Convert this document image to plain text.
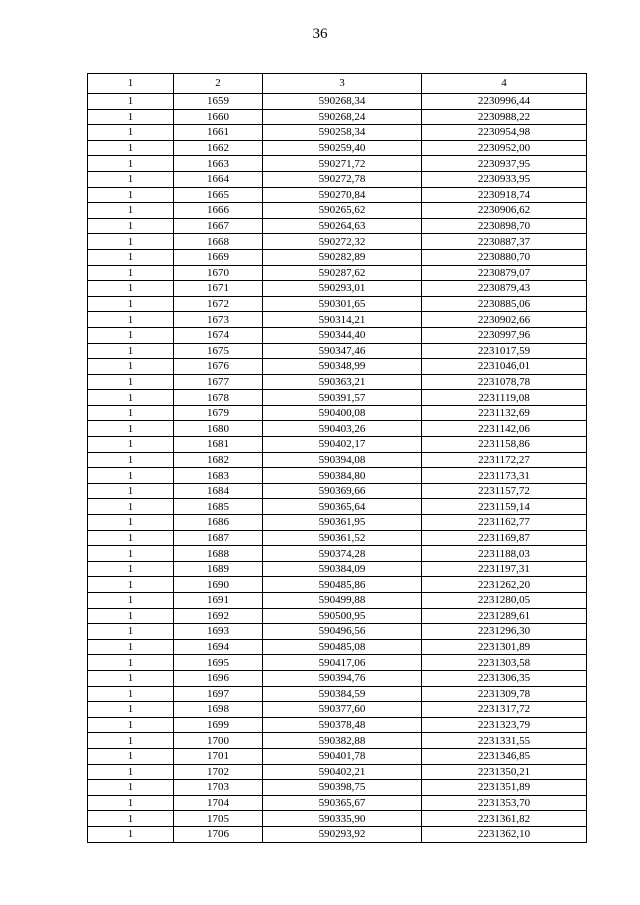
36
1	2	3	4
1	1659	590268,34	2230996,44
1	1660	590268,24	2230988,22
1	1661	590258,34	2230954,98
1	1662	590259,40	2230952,00
1	1663	590271,72	2230937,95
1	1664	590272,78	2230933,95
1	1665	590270,84	2230918,74
1	1666	590265,62	2230906,62
1	1667	590264,63	2230898,70
1	1668	590272,32	2230887,37
1	1669	590282,89	2230880,70
1	1670	590287,62	2230879,07
1	1671	590293,01	2230879,43
1	1672	590301,65	2230885,06
1	1673	590314,21	2230902,66
1	1674	590344,40	2230997,96
1	1675	590347,46	2231017,59
1	1676	590348,99	2231046,01
1	1677	590363,21	2231078,78
1	1678	590391,57	2231119,08
1	1679	590400,08	2231132,69
1	1680	590403,26	2231142,06
1	1681	590402,17	2231158,86
1	1682	590394,08	2231172,27
1	1683	590384,80	2231173,31
1	1684	590369,66	2231157,72
1	1685	590365,64	2231159,14
1	1686	590361,95	2231162,77
1	1687	590361,52	2231169,87
1	1688	590374,28	2231188,03
1	1689	590384,09	2231197,31
1	1690	590485,86	2231262,20
1	1691	590499,88	2231280,05
1	1692	590500,95	2231289,61
1	1693	590496,56	2231296,30
1	1694	590485,08	2231301,89
1	1695	590417,06	2231303,58
1	1696	590394,76	2231306,35
1	1697	590384,59	2231309,78
1	1698	590377,60	2231317,72
1	1699	590378,48	2231323,79
1	1700	590382,88	2231331,55
1	1701	590401,78	2231346,85
1	1702	590402,21	2231350,21
1	1703	590398,75	2231351,89
1	1704	590365,67	2231353,70
1	1705	590335,90	2231361,82
1	1706	590293,92	2231362,10
